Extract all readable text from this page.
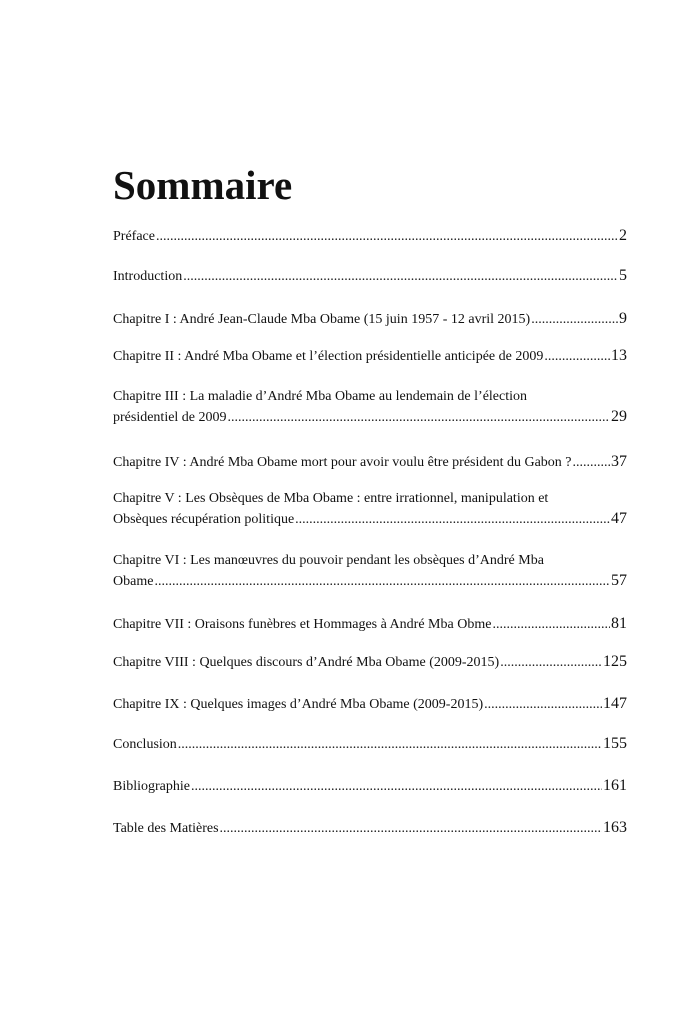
Sommaire
Préface .....	2
Introduction .....	5
Chapitre I : André Jean-Claude Mba Obame (15 juin 1957 - 12 avril 2015) .....	9
Chapitre II : André Mba Obame et l’élection présidentielle anticipée de 2009 .....	13
Chapitre III : La maladie d’André Mba Obame au lendemain de l’élection
présidentiel de 2009 .....	29
Chapitre IV : André Mba Obame mort pour avoir voulu être président du Gabon ? ..... 37
Chapitre V : Les Obsèques de Mba Obame : entre irrationnel, manipulation et
Obsèques récupération politique .....	47
Chapitre VI : Les manœuvres du pouvoir pendant les obsèques d’André Mba
Obame .....	57
Chapitre VII : Oraisons funèbres et Hommages à André Mba Obme .....	81
Chapitre VIII : Quelques discours d’André Mba Obame (2009-2015) .....	125
Chapitre IX : Quelques images d’André Mba Obame (2009-2015) .....	147
Conclusion .....	155
Bibliographie .....	161
Table des Matières .....	163
